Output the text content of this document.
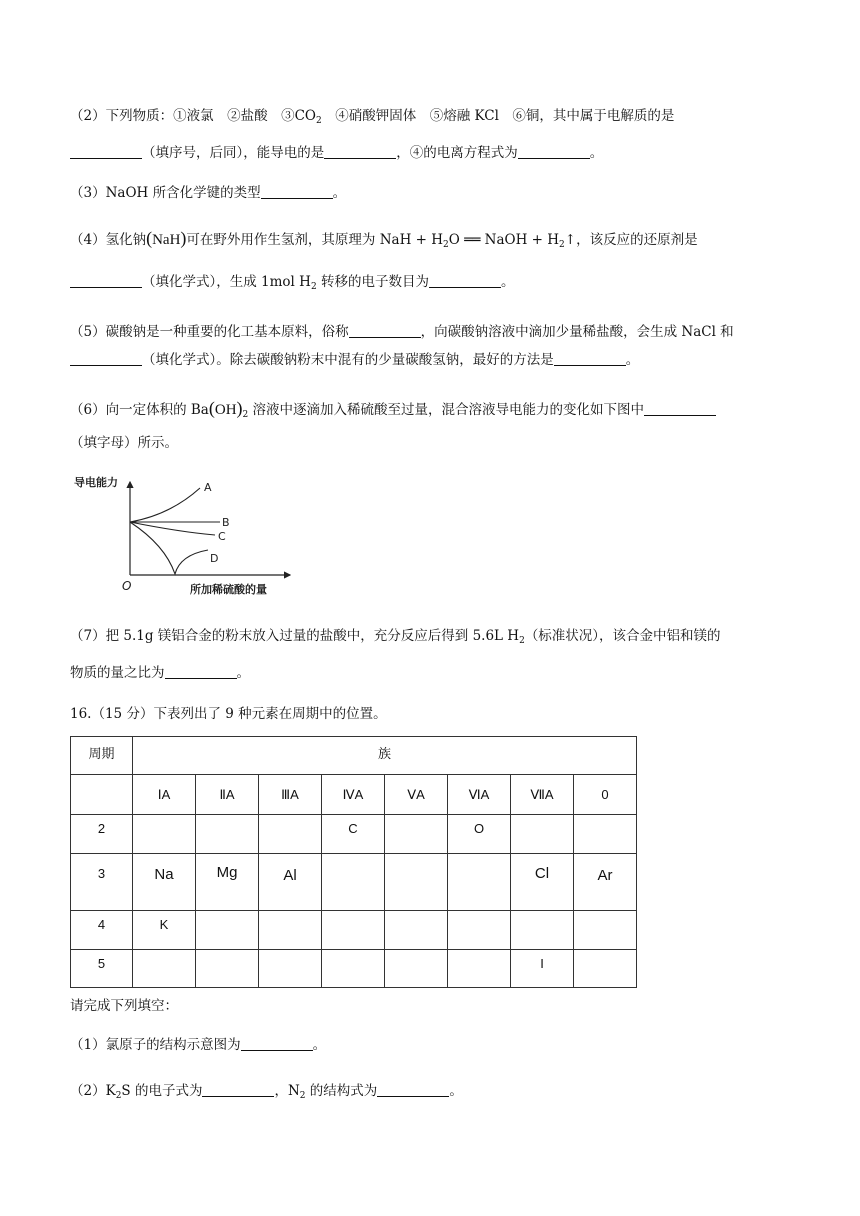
（2）下列物质：①液氯　②盐酸　$③CO_2$　④硝酸钾固体　⑤熔融 KCl　⑥铜，其中属于电解质的是
（填序号，后同），能导电的是	，④的电离方程式为	。
（3）NaOH 所含化学键的类型	。
（4）氢化钠(NaH)可在野外用作生氢剂，其原理为 NaH + $H_2O$ ══ NaOH + $H_2↑$，该反应的还原剂是
（填化学式），生成 1mol $H_2$ 转移的电子数目为	。
（5）碳酸钠是一种重要的化工基本原料，俗称	，向碳酸钠溶液中滴加少量稀盐酸，会生成 NaCl 和
（填化学式）。除去碳酸钠粉末中混有的少量碳酸氢钠，最好的方法是	。
（6）向一定体积的 $Ba(OH)_2$ 溶液中逐滴加入稀硫酸至过量，混合溶液导电能力的变化如下图中
（填字母）所示。
导电能力
所加稀硫酸的量
O
A
B
C
D
（7）把 5.1g 镁铝合金的粉末放入过量的盐酸中，充分反应后得到 5.6L $H_2$（标准状况），该合金中铝和镁的
物质的量之比为	。
16.（15 分）下表列出了 9 种元素在周期中的位置。
周期	族							
	ⅠA	ⅡA	ⅢA	ⅣA	ⅤA	ⅥA	ⅦA	0
2				C		O		
3	Na	Mg	Al				Cl	Ar
4	K							
5							I	
请完成下列填空：
（1）氯原子的结构示意图为	。
$(2)K_2S$ 的电子式为	，$N_2$ 的结构式为	。
